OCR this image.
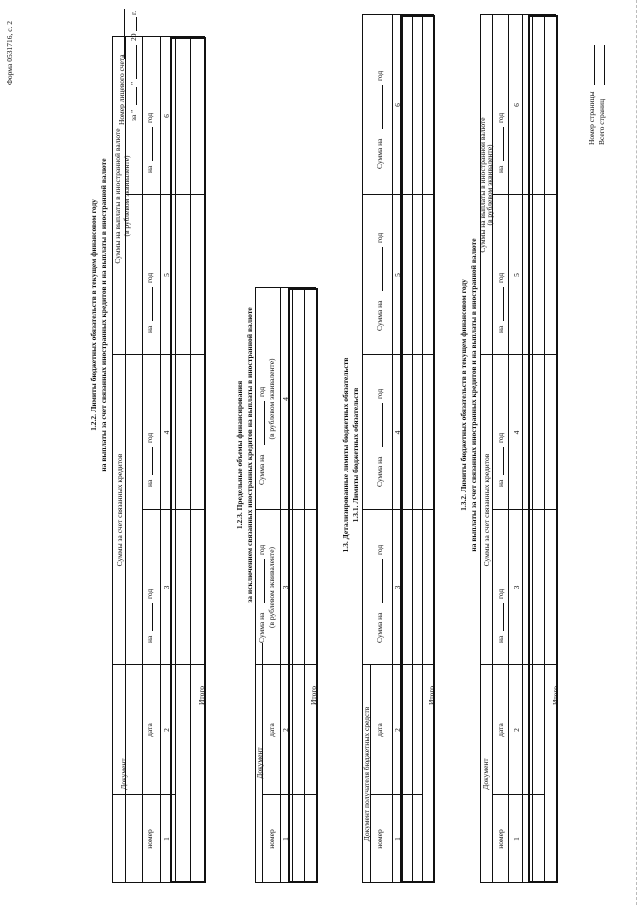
Форма 0531716, с. 2
Номер лицевого счета за "
"
20
г.
1.2.2. Лимиты бюджетных обязательств в текущем финансовом году на выплаты за счет связанных иностранных кредитов и на выплаты в иностранной валюте
Документ
номер
дата
1
2
Суммы за счет связанных кредитов
на
год
3
на
год
4
Суммы на выплаты в иностранной валюте (в рублевом эквиваленте)
на
год 5
на
год 6
Итого
1.2.3. Предельные объемы финансирования за исключением связанных иностранных кредитов на выплаты в иностранной валюте
Документ
номер
дата
1
2
Сумма на
год (в рублевом эквиваленте) 3
Сумма на
год (в рублевом эквиваленте) 4
Итого
1.3. Детализированные лимиты бюджетных обязательств 1.3.1. Лимиты бюджетных обязательств
Документ получателя бюджетных средств номер
дата
1
2
Сумма на
год
3
Сумма на
год
4
Сумма на
год
5
Сумма на
год
6
Итого
1.3.2. Лимиты бюджетных обязательств в текущем финансовом году на выплаты за счет связанных иностранных кредитов и на выплаты в иностранной валюте
Документ
номер
дата
1
2
Суммы за счет связанных кредитов
на
год
3
на
год
4
Суммы на выплаты в иностранной валюте
(в рублевом эквиваленте)
на
год 5
на
год
6
Итого
Номер страницы Всего страниц
